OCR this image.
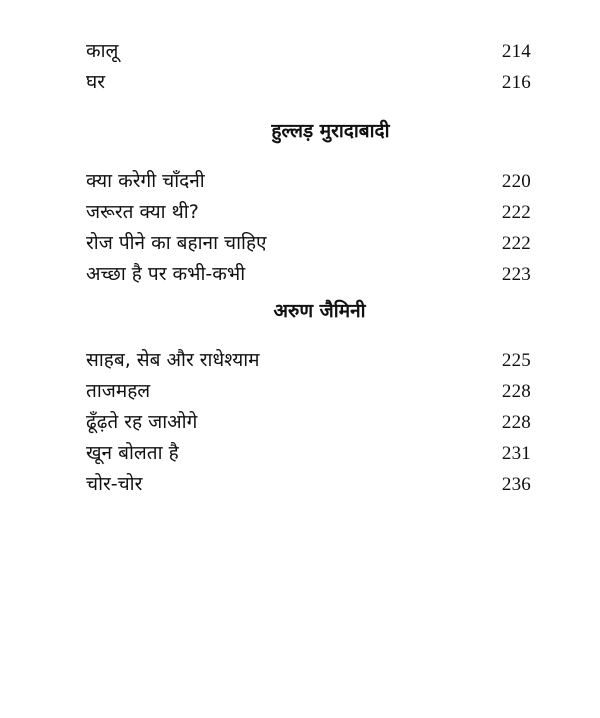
कालू	214
घर	216
हुल्लड़ मुरादाबादी
क्या करेगी चाँदनी	220
जरूरत क्या थी?	222
रोज पीने का बहाना चाहिए	222
अच्छा है पर कभी-कभी	223
अरुण जैमिनी
साहब, सेब और राधेश्याम	225
ताजमहल	228
ढूँढ़ते रह जाओगे	228
खून बोलता है	231
चोर-चोर	236
